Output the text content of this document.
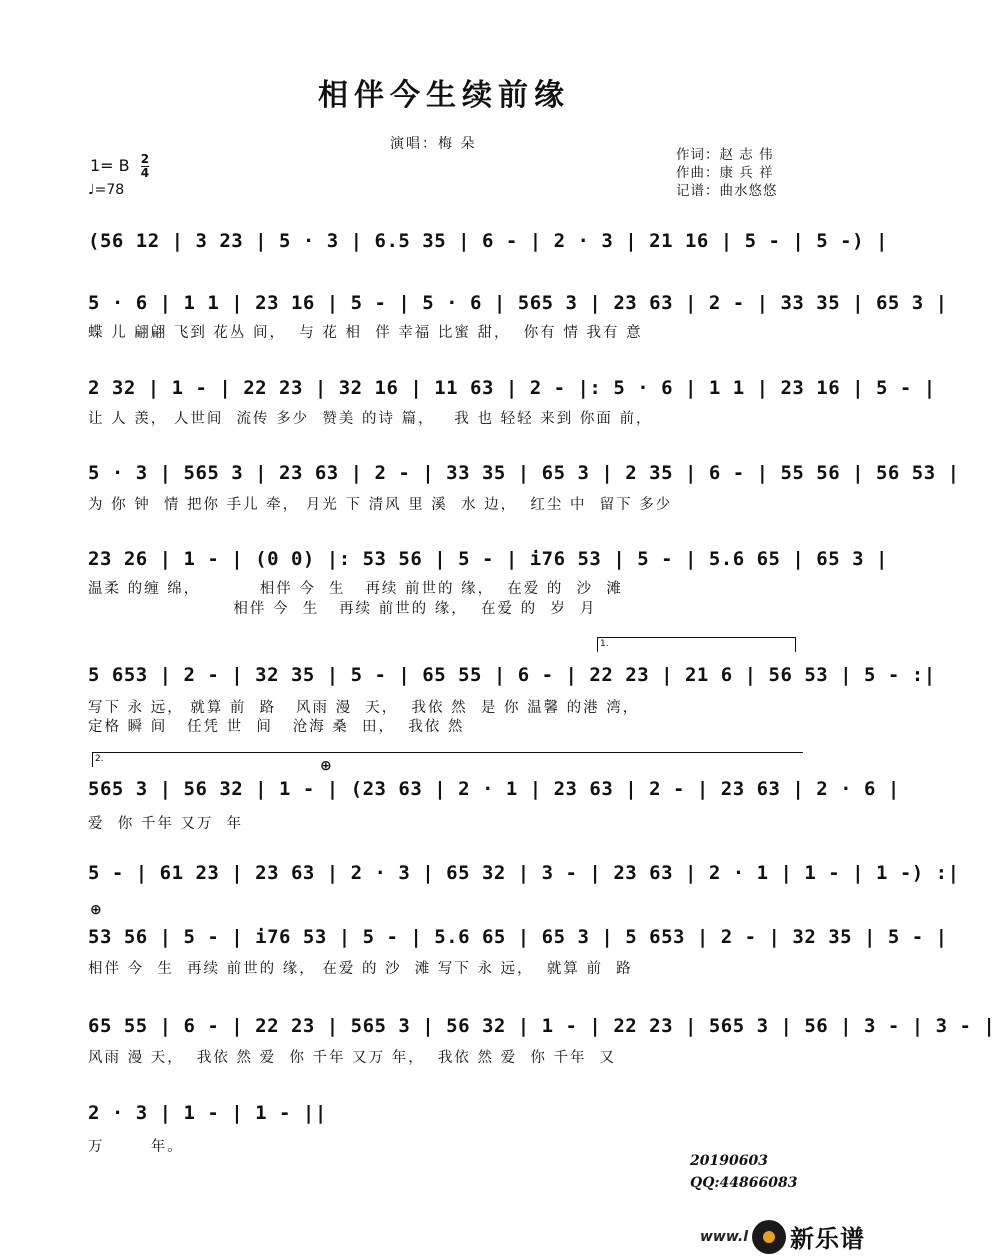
相伴今生续前缘
演唱：梅 朵
1= B $\frac{2}{4}$
♩=78
作词：赵 志 伟
作曲：康 兵 祥
记谱：曲水悠悠
(56 12 | 3 23 | 5 · 3 | 6.5 35 | 6 - | 2 · 3 | 21 16 | 5 - | 5 -) |
5 · 6 | 1 1 | 23 16 | 5 - | 5 · 6 | 565 3 | 23 63 | 2 - | 33 35 | 65 3 |
蝶 儿 翩翩 飞到 花丛 间，  与 花 相  伴 幸福 比蜜 甜，  你有 情 我有 意
2 32 | 1 - | 22 23 | 32 16 | 11 63 | 2 - |: 5 · 6 | 1 1 | 23 16 | 5 - |
让 人 羡， 人世间  流传 多少  赞美 的诗 篇，   我 也 轻轻 来到 你面 前，
5 · 3 | 565 3 | 23 63 | 2 - | 33 35 | 65 3 | 2 35 | 6 - | 55 56 | 56 53 |
为 你 钟  情 把你 手儿 牵， 月光 下 清风 里 溪  水 边，  红尘 中  留下 多少
23 26 | 1 - | (0 0) |: 53 56 | 5 - | i76 53 | 5 - | 5.6 65 | 65 3 |
温柔 的缠 绵，         相伴 今  生   再续 前世的 缘，  在爱 的  沙  滩
相伴 今  生   再续 前世的 缘，  在爱 的  岁  月
1.
5 653 | 2 - | 32 35 | 5 - | 65 55 | 6 - | 22 23 | 21 6 | 56 53 | 5 - :|
写下 永 远， 就算 前  路   风雨 漫  天，  我依 然  是 你 温馨 的港 湾，
定格 瞬 间   任凭 世  间   沧海 桑  田，  我依 然
2.	⊕
565 3 | 56 32 | 1 - | (23 63 | 2 · 1 | 23 63 | 2 - | 23 63 | 2 · 6 |
爱  你 千年 又万  年
5 - | 61 23 | 23 63 | 2 · 3 | 65 32 | 3 - | 23 63 | 2 · 1 | 1 - | 1 -) :|
⊕
53 56 | 5 - | i76 53 | 5 - | 5.6 65 | 65 3 | 5 653 | 2 - | 32 35 | 5 - |
相伴 今  生  再续 前世的 缘， 在爱 的 沙  滩 写下 永 远，  就算 前  路
65 55 | 6 - | 22 23 | 565 3 | 56 32 | 1 - | 22 23 | 565 3 | 56 | 3 - | 3 - |
风雨 漫 天，  我依 然 爱  你 千年 又万 年，  我依 然 爱  你 千年  又
2 · 3 | 1 - | 1 - ||
万       年。
20190603
QQ:44866083
www.l 新乐谱
